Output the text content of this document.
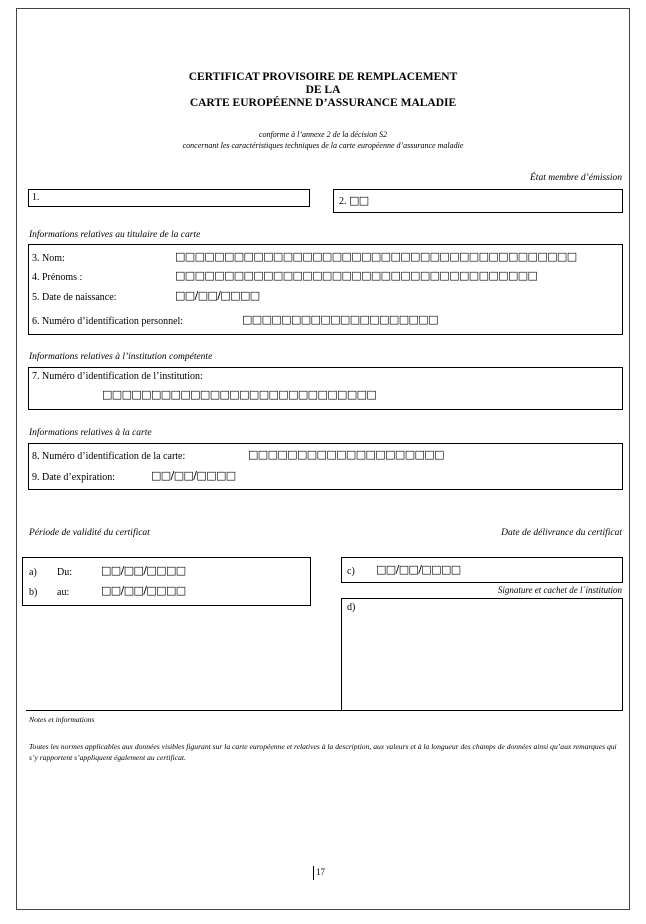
CERTIFICAT PROVISOIRE DE REMPLACEMENT
DE LA
CARTE EUROPÉENNE D’ASSURANCE MALADIE
conforme à l’annexe 2 de la décision S2
concernant les caractéristiques techniques de la carte européenne d’assurance maladie
État membre d’émission
1.	2. □□
Informations relatives au titulaire de la carte
3. Nom:	□□□□□□□□□□□□□□□□□□□□□□□□□□□□□□□□□□□□□□□□□
4. Prénoms :	□□□□□□□□□□□□□□□□□□□□□□□□□□□□□□□□□□□□□
5. Date de naissance:	□□/□□/□□□□
6. Numéro d’identification personnel:	□□□□□□□□□□□□□□□□□□□□
Informations relatives à l’institution compétente
7. Numéro d’identification de l’institution:
□□□□□□□□□□□□□□□□□□□□□□□□□□□□
Informations relatives à la carte
8. Numéro d’identification de la carte:	□□□□□□□□□□□□□□□□□□□□
9. Date d’expiration:	□□/□□/□□□□
Période de validité du certificat	Date de délivrance du certificat
a) Du:	□□/□□/□□□□
b) au:	□□/□□/□□□□
c) □□/□□/□□□□
Signature et cachet de l´institution
d)
Notes et informations
Toutes les normes applicables aux données visibles figurant sur la carte européenne et relatives à la description, aux valeurs et à la longueur des champs de données ainsi qu’aux remarques qui s’y rapportent s’appliquent également au certificat.
17
